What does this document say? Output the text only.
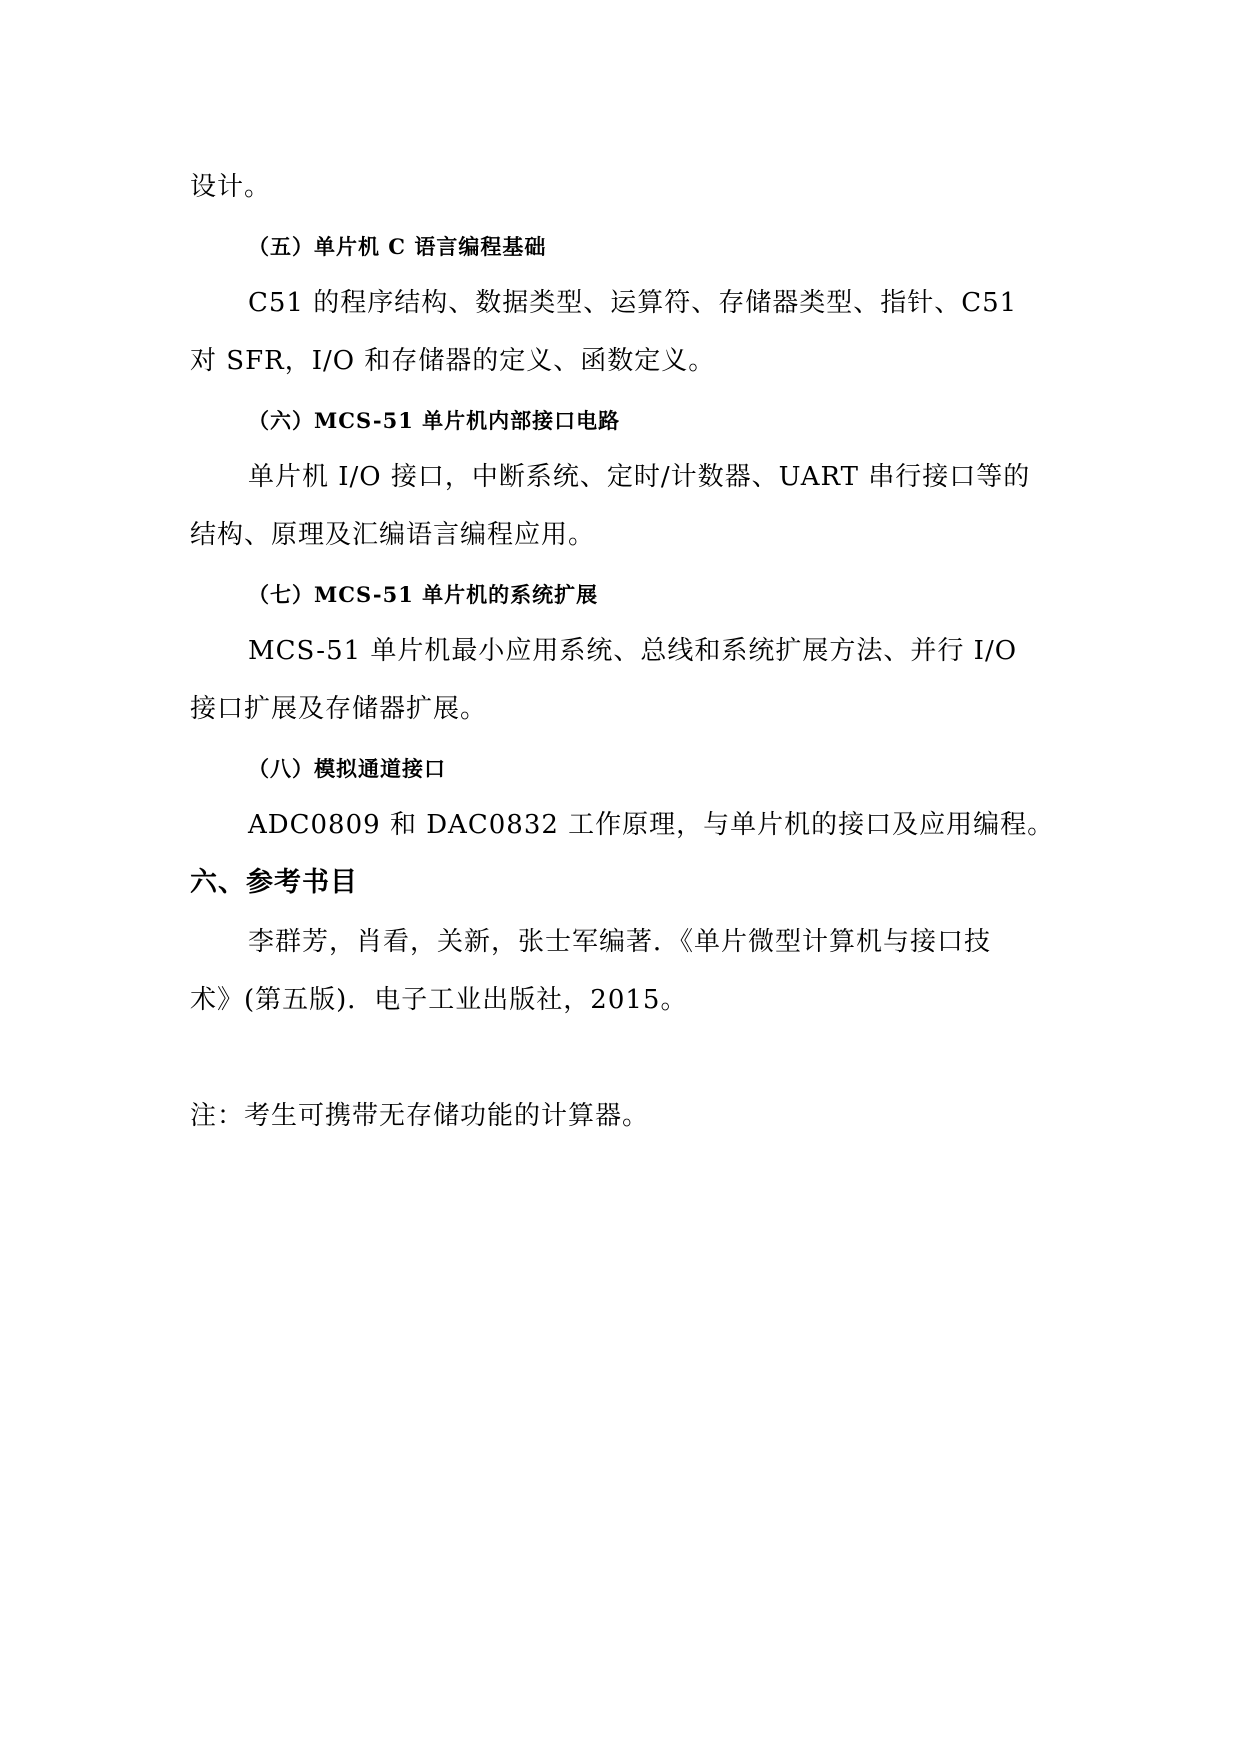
设计。
（五）单片机 C 语言编程基础
C51 的程序结构、数据类型、运算符、存储器类型、指针、C51
对 SFR，I/O 和存储器的定义、函数定义。
（六）MCS-51 单片机内部接口电路
单片机 I/O 接口，中断系统、定时/计数器、UART 串行接口等的
结构、原理及汇编语言编程应用。
（七）MCS-51 单片机的系统扩展
MCS-51 单片机最小应用系统、总线和系统扩展方法、并行 I/O
接口扩展及存储器扩展。
（八）模拟通道接口
ADC0809 和 DAC0832 工作原理，与单片机的接口及应用编程。
六、参考书目
李群芳，肖看，关新，张士军编著．《单片微型计算机与接口技
术》(第五版)．电子工业出版社，2015。
注：考生可携带无存储功能的计算器。
